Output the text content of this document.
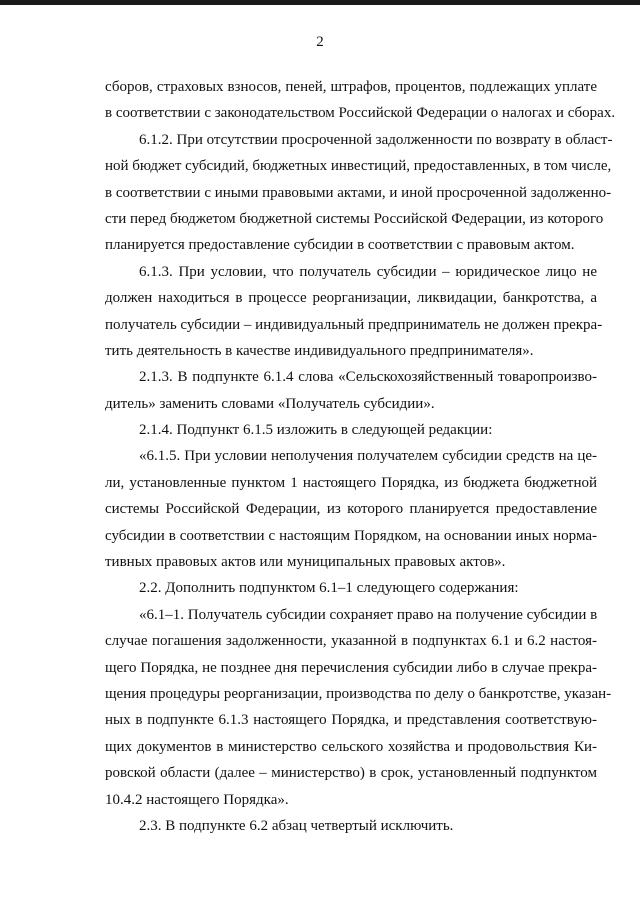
2
сборов, страховых взносов, пеней, штрафов, процентов, подлежащих уплате
в соответствии с законодательством Российской Федерации о налогах и сборах.
6.1.2. При отсутствии просроченной задолженности по возврату в област-
ной бюджет субсидий, бюджетных инвестиций, предоставленных, в том числе,
в соответствии с иными правовыми актами, и иной просроченной задолженно-
сти перед бюджетом бюджетной системы Российской Федерации, из которого
планируется предоставление субсидии в соответствии с правовым актом.
6.1.3. При условии, что получатель субсидии – юридическое лицо не
должен находиться в процессе реорганизации, ликвидации, банкротства, а
получатель субсидии – индивидуальный предприниматель не должен прекра-
тить деятельность в качестве индивидуального предпринимателя».
2.1.3. В подпункте 6.1.4 слова «Сельскохозяйственный товаропроизво-
дитель» заменить словами «Получатель субсидии».
2.1.4. Подпункт 6.1.5 изложить в следующей редакции:
«6.1.5. При условии неполучения получателем субсидии средств на це-
ли, установленные пунктом 1 настоящего Порядка, из бюджета бюджетной
системы Российской Федерации, из которого планируется предоставление
субсидии в соответствии с настоящим Порядком, на основании иных норма-
тивных правовых актов или муниципальных правовых актов».
2.2. Дополнить подпунктом 6.1–1 следующего содержания:
«6.1–1. Получатель субсидии сохраняет право на получение субсидии в
случае погашения задолженности, указанной в подпунктах 6.1 и 6.2 настоя-
щего Порядка, не позднее дня перечисления субсидии либо в случае прекра-
щения процедуры реорганизации, производства по делу о банкротстве, указан-
ных в подпункте 6.1.3 настоящего Порядка, и представления соответствую-
щих документов в министерство сельского хозяйства и продовольствия Ки-
ровской области (далее – министерство) в срок, установленный подпунктом
10.4.2 настоящего Порядка».
2.3. В подпункте 6.2 абзац четвертый исключить.
